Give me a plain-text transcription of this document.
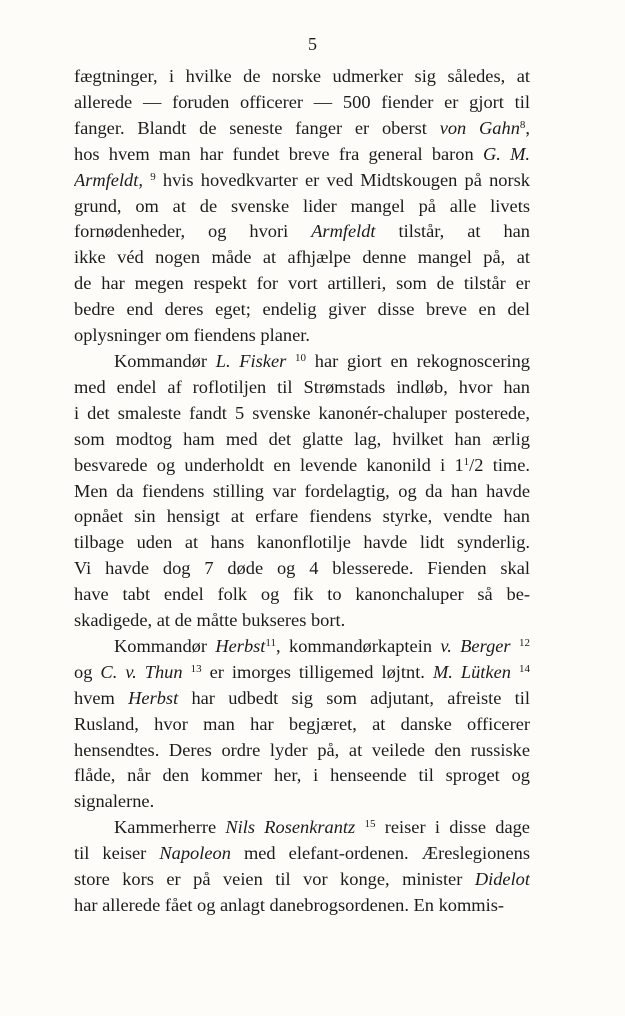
5
fægtninger, i hvilke de norske udmerker sig således, at
allerede — foruden officerer — 500 fiender er gjort til
fanger. Blandt de seneste fanger er oberst von Gahn$^8$,
hos hvem man har fundet breve fra general baron G. M.
Armfeldt, $^9$ hvis hovedkvarter er ved Midtskougen på norsk
grund, om at de svenske lider mangel på alle livets
fornødenheder, og hvori Armfeldt tilstår, at han
ikke véd nogen måde at afhjælpe denne mangel på, at
de har megen respekt for vort artilleri, som de tilstår er
bedre end deres eget; endelig giver disse breve en del
oplysninger om fiendens planer.
Kommandør L. Fisker $^{10}$ har giort en rekognoscering
med endel af roflotiljen til Strømstads indløb, hvor han
i det smaleste fandt 5 svenske kanonér-chaluper posterede,
som modtog ham med det glatte lag, hvilket han ærlig
besvarede og underholdt en levende kanonild i $1^1/2$ time.
Men da fiendens stilling var fordelagtig, og da han havde
opnået sin hensigt at erfare fiendens styrke, vendte han
tilbage uden at hans kanonflotilje havde lidt synderlig.
Vi havde dog 7 døde og 4 blesserede. Fienden skal
have tabt endel folk og fik to kanonchaluper så be-
skadigede, at de måtte bukseres bort.
Kommandør Herbst$^{11}$, kommandørkaptein v. Berger $^{12}$
og C. v. Thun $^{13}$ er imorges tilligemed løjtnt. M. Lütken $^{14}$
hvem Herbst har udbedt sig som adjutant, afreiste til
Rusland, hvor man har begjæret, at danske officerer
hensendtes. Deres ordre lyder på, at veilede den russiske
flåde, når den kommer her, i henseende til sproget og
signalerne.
Kammerherre Nils Rosenkrantz $^{15}$ reiser i disse dage
til keiser Napoleon med elefant-ordenen. Æreslegionens
store kors er på veien til vor konge, minister Didelot
har allerede fået og anlagt danebrogsordenen. En kommis-
